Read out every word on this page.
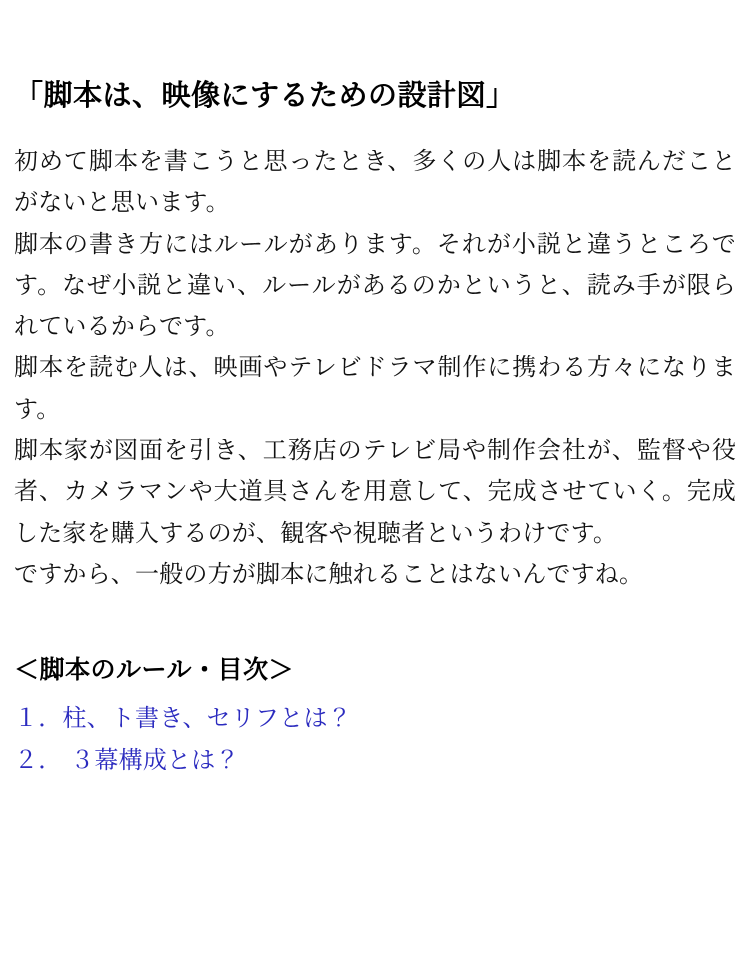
「脚本は、映像にするための設計図」

初めて脚本を書こうと思ったとき、多くの人は脚本を読んだことがないと思います。

脚本の書き方にはルールがあります。それが小説と違うところです。なぜ小説と違い、ルールがあるのかというと、読み手が限られているからです。

脚本を読む人は、映画やテレビドラマ制作に携わる方々になります。

脚本家が図面を引き、工務店のテレビ局や制作会社が、監督や役者、カメラマンや大道具さんを用意して、完成させていく。完成した家を購入するのが、観客や視聴者というわけです。

ですから、一般の方が脚本に触れることはないんですね。

＜脚本のルール・目次＞
１．柱、ト書き、セリフとは？
２． ３幕構成とは？
